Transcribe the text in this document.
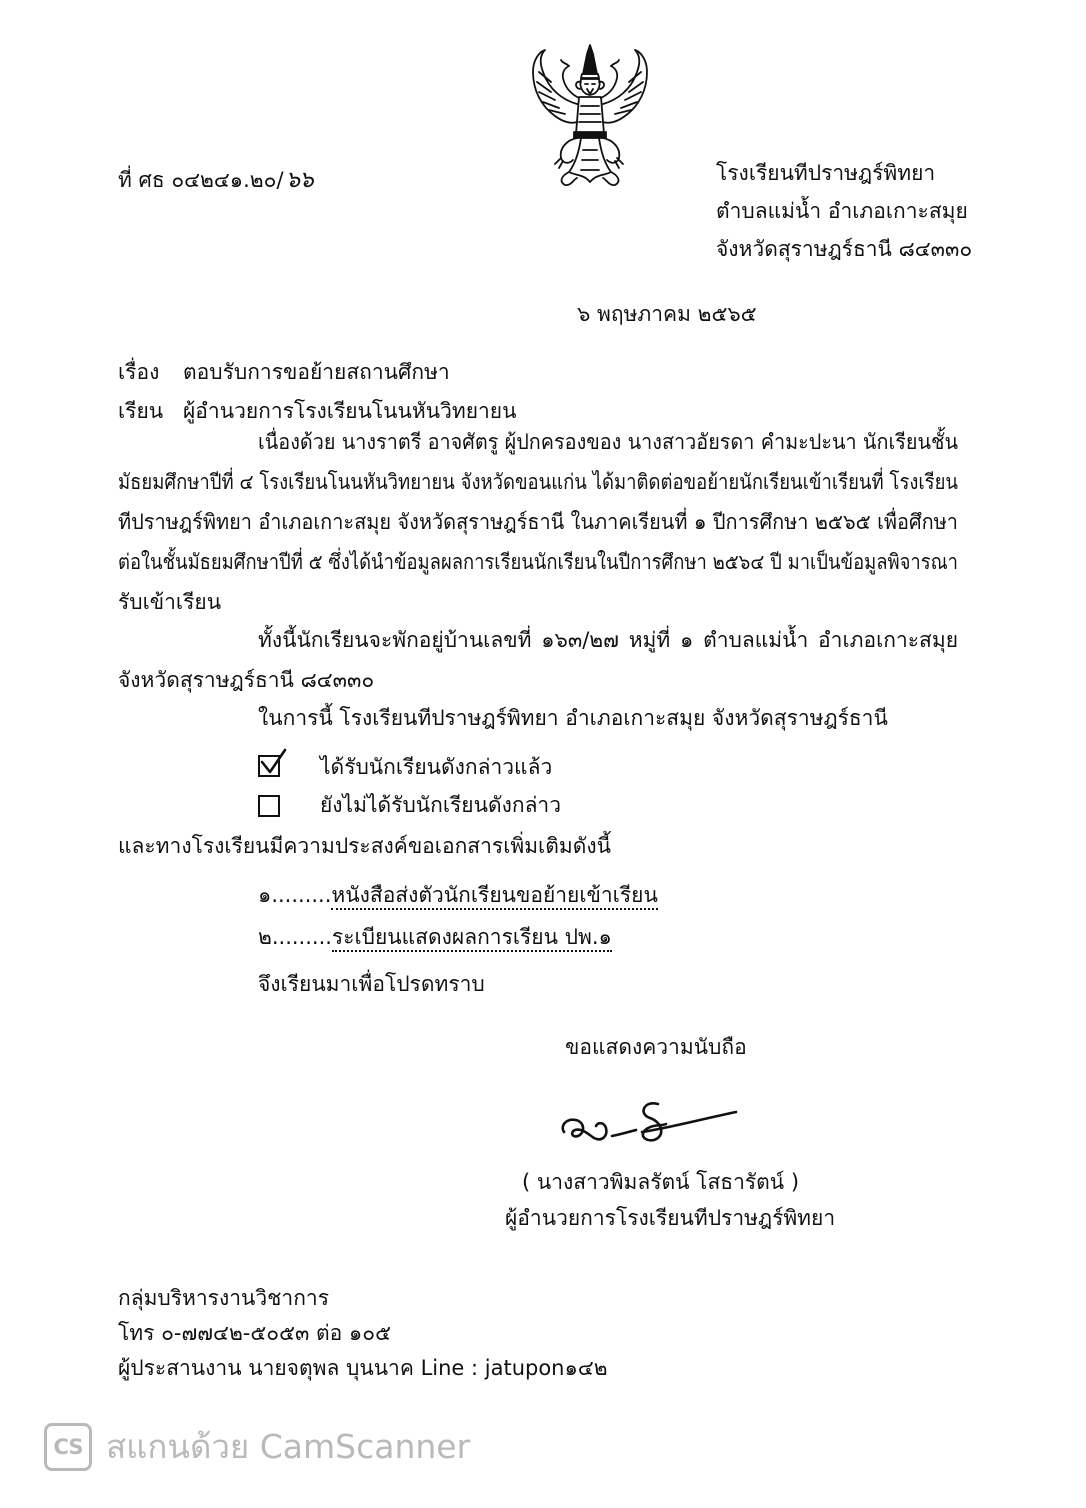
ที่ ศธ ๐๔๒๔๑.๒๐/๖๖	โรงเรียนทีปราษฎร์พิทยา
ตำบลแม่น้ำ อำเภอเกาะสมุย
จังหวัดสุราษฎร์ธานี ๘๔๓๓๐
๖ พฤษภาคม ๒๕๖๕
เรื่อง ตอบรับการขอย้ายสถานศึกษา
เรียน ผู้อำนวยการโรงเรียนโนนหันวิทยายน
เนื่องด้วย นางราตรี อาจศัตรู ผู้ปกครองของ นางสาวอัยรดา คำมะปะนา นักเรียนชั้น
มัธยมศึกษาปีที่ ๔ โรงเรียนโนนหันวิทยายน จังหวัดขอนแก่น ได้มาติดต่อขอย้ายนักเรียนเข้าเรียนที่ โรงเรียน
ทีปราษฎร์พิทยา อำเภอเกาะสมุย จังหวัดสุราษฎร์ธานี ในภาคเรียนที่ ๑ ปีการศึกษา ๒๕๖๕ เพื่อศึกษา
ต่อในชั้นมัธยมศึกษาปีที่ ๕ ซึ่งได้นำข้อมูลผลการเรียนนักเรียนในปีการศึกษา ๒๕๖๔ ปี มาเป็นข้อมูลพิจารณา
รับเข้าเรียน
ทั้งนี้นักเรียนจะพักอยู่บ้านเลขที่ ๑๖๓/๒๗ หมู่ที่ ๑ ตำบลแม่น้ำ อำเภอเกาะสมุย
จังหวัดสุราษฎร์ธานี ๘๔๓๓๐
ในการนี้ โรงเรียนทีปราษฎร์พิทยา อำเภอเกาะสมุย จังหวัดสุราษฎร์ธานี
ได้รับนักเรียนดังกล่าวแล้ว
ยังไม่ได้รับนักเรียนดังกล่าว
และทางโรงเรียนมีความประสงค์ขอเอกสารเพิ่มเติมดังนี้
๑.........หนังสือส่งตัวนักเรียนขอย้ายเข้าเรียน
๒.........ระเบียนแสดงผลการเรียน ปพ.๑
จึงเรียนมาเพื่อโปรดทราบ
ขอแสดงความนับถือ
( นางสาวพิมลรัตน์ โสธารัตน์ )
ผู้อำนวยการโรงเรียนทีปราษฎร์พิทยา
กลุ่มบริหารงานวิชาการ
โทร ๐-๗๗๔๒-๕๐๕๓ ต่อ ๑๐๕
ผู้ประสานงาน นายจตุพล บุนนาค Line : jatupon๑๔๒
CS สแกนด้วย CamScanner
